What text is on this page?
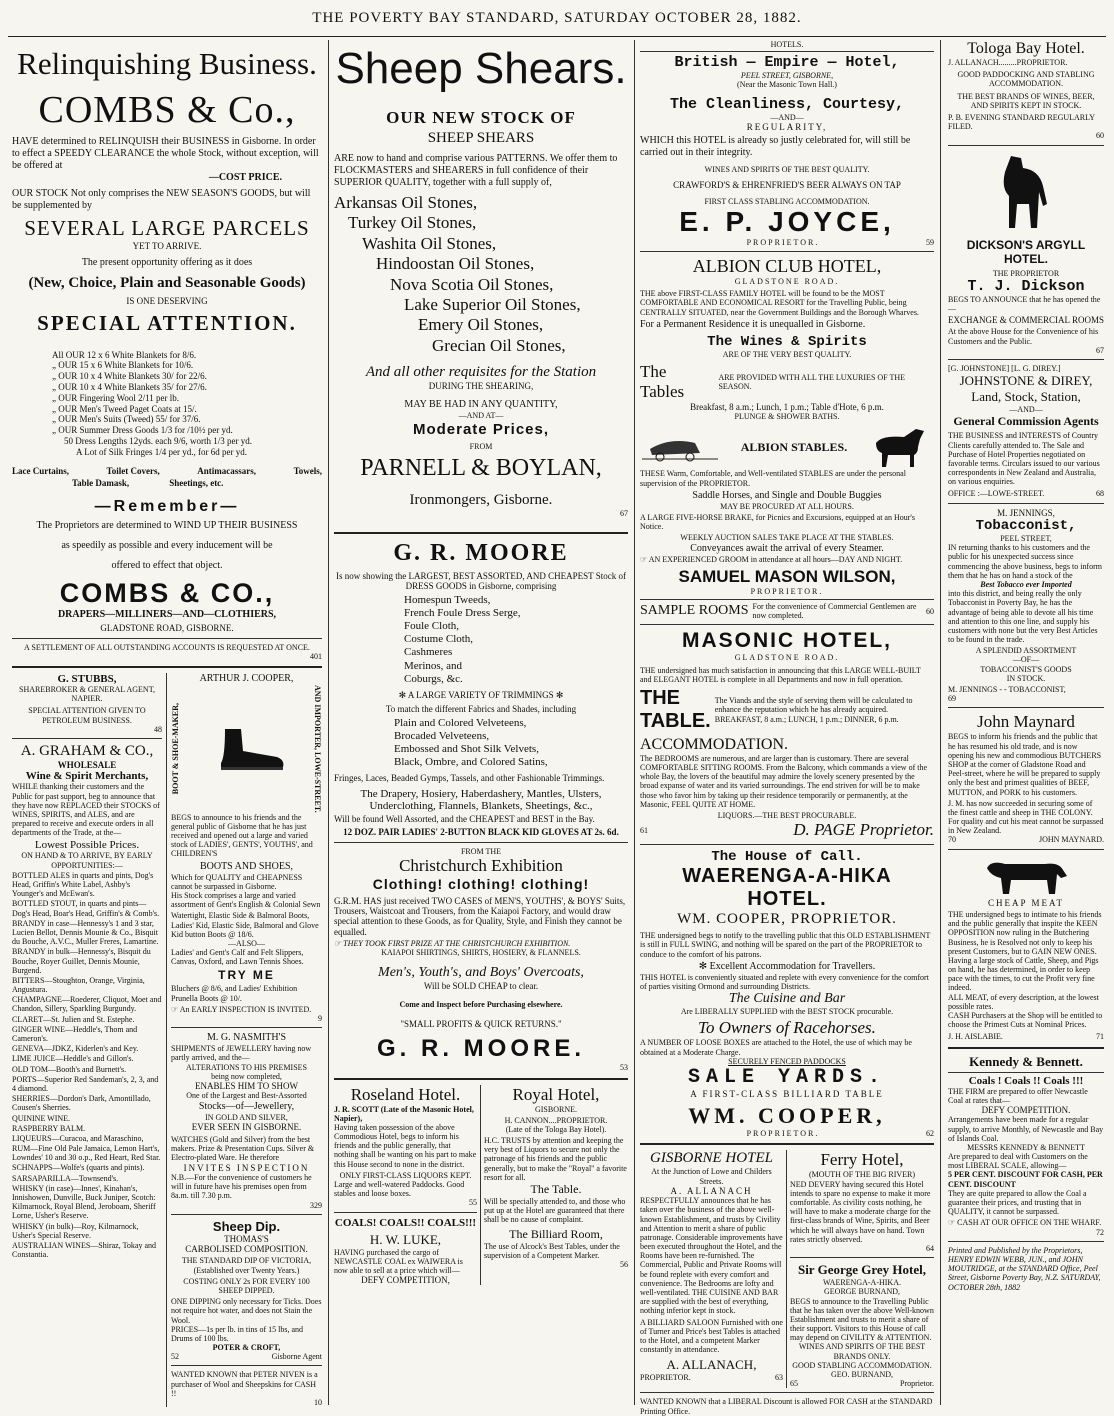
THE POVERTY BAY STANDARD, SATURDAY OCTOBER 28, 1882.
Relinquishing Business.
COMBS & Co.,
HAVE determined to RELINQUISH their BUSINESS in Gisborne. In order to effect a SPEEDY CLEARANCE the whole Stock, without exception, will be offered at
—COST PRICE.
OUR STOCK Not only comprises the NEW SEASON'S GOODS, but will be supplemented by
SEVERAL LARGE PARCELS
YET TO ARRIVE.
The present opportunity offering as it does
(New, Choice, Plain and Seasonable Goods)
IS ONE DESERVING
SPECIAL ATTENTION.

All OUR 12 x 6 White Blankets for 8/6.

„ OUR 15 x 6 White Blankets for 10/6.

„ OUR 10 x 4 White Blankets 30/ for 22/6.

„ OUR 10 x 4 White Blankets 35/ for 27/6.

„ OUR Fingering Wool 2/11 per lb.

„ OUR Men's Tweed Paget Coats at 15/.

„ OUR Men's Suits (Tweed) 55/ for 37/6.

„ OUR Summer Dress Goods 1/3 for /10½ per yd.

50 Dress Lengths 12yds. each 9/6, worth 1/3 per yd.

A Lot of Silk Fringes 1/4 per yd., for 6d per yd.

Lace Curtains,	Toilet Covers,	Antimacassars,	Towels,
Table Damask,	Sheetings, etc.
—Remember—
The Proprietors are determined to WIND UP THEIR BUSINESS
as speedily as possible and every inducement will be
offered to effect that object.
COMBS & CO.,
DRAPERS—MILLINERS—AND—CLOTHIERS,
GLADSTONE ROAD, GISBORNE.
A SETTLEMENT OF ALL OUTSTANDING ACCOUNTS IS REQUESTED AT ONCE.
401
G. STUBBS,
SHAREBROKER & GENERAL AGENT, NAPIER.
SPECIAL ATTENTION GIVEN TO PETROLEUM BUSINESS.
48
A. GRAHAM & CO.,
WHOLESALE
Wine & Spirit Merchants,
WHILE thanking their customers and the Public for past support, beg to announce that they have now REPLACED their STOCKS of WINES, SPIRITS, and ALES, and are prepared to receive and execute orders in all departments of the Trade, at the—
Lowest Possible Prices.
ON HAND & TO ARRIVE, BY EARLY OPPORTUNITIES:—

BOTTLED ALES in quarts and pints, Dog's Head, Griffin's White Label, Ashby's Younger's and McEwan's.

BOTTLED STOUT, in quarts and pints—Dog's Head, Boar's Head, Griffin's & Comb's.

BRANDY in case—Hennessy's 1 and 3 star, Lucien Bellot, Dennis Mounie & Co., Bisquit du Bouche, A.V.C., Muller Freres, Lamartine.

BRANDY in bulk—Hennessy's, Bisquit du Bouche, Royer Guillet, Dennis Mounie, Burgend.

BITTERS—Stoughton, Orange, Virginia, Angustura.

CHAMPAGNE—Roederer, Cliquot, Moet and Chandon, Sillery, Sparkling Burgundy.

CLARET—St. Julien and St. Estephe.

GINGER WINE—Heddle's, Thom and Cameron's.

GENEVA—JDKZ, Kiderlen's and Key.

LIME JUICE—Heddle's and Gillon's.

OLD TOM—Booth's and Burnett's.

PORTS—Superior Red Sandeman's, 2, 3, and 4 diamond.

SHERRIES—Dordon's Dark, Amontillado, Cousen's Sherries.

QUININE WINE.

RASPBERRY BALM.

LIQUEURS—Curacoa, and Maraschino,

RUM—Fine Old Pale Jamaica, Lemon Hart's, Lowndes' 10 and 30 o.p., Red Heart, Red Star.

SCHNAPPS—Wolfe's (quarts and pints).

SARSAPARILLA—Townsend's.

WHISKY (in case)—Innes', Kinahan's, Innishowen, Dunville, Buck Juniper, Scotch: Kilmarnock, Royal Blend, Jeroboam, Sheriff Lorne, Usher's Reserve.

WHISKY (in bulk)—Roy, Kilmarnock, Usher's Special Reserve.

AUSTRALIAN WINES—Shiraz, Tokay and Constantia.

ARTHUR J. COOPER,
BOOT & SHOE-MAKER,	AND IMPORTER, LOWE-STREET.
BEGS to announce to his friends and the general public of Gisborne that he has just received and opened out a large and varied stock of LADIES', GENTS', YOUTHS', and CHILDREN'S
BOOTS AND SHOES,
Which for QUALITY and CHEAPNESS cannot be surpassed in Gisborne.
His Stock comprises a large and varied assortment of Gent's English & Colonial Sewn
Watertight, Elastic Side & Balmoral Boots, Ladies' Kid, Elastic Side, Balmoral and Glove Kid button Boots @ 18/6.
—ALSO—
Ladies' and Gent's Calf and Felt Slippers, Canvas, Oxford, and Lawn Tennis Shoes.
TRY ME
Bluchers @ 8/6, and Ladies' Exhibition Prunella Boots @ 10/.
☞ An EARLY INSPECTION IS INVITED.
9
M. G. NASMITH'S
SHIPMENTS of JEWELLERY having now partly arrived, and the—
ALTERATIONS TO HIS PREMISES
being now completed,
ENABLES HIM TO SHOW
One of the Largest and Best-Assorted
Stocks—of—Jewellery,
IN GOLD AND SILVER,
EVER SEEN IN GISBORNE.
WATCHES (Gold and Silver) from the best makers. Prize & Presentation Cups. Silver & Electro-plated Ware. He therefore
INVITES INSPECTION
N.B.—For the convenience of customers he will in future have his premises open from 8a.m. till 7.30 p.m.
329
Sheep Dip.
THOMAS'S
CARBOLISED COMPOSITION.
THE STANDARD DIP OF VICTORIA,
(Established over Twenty Years.)
COSTING ONLY 2s FOR EVERY 100 SHEEP DIPPED.
ONE DIPPING only necessary for Ticks. Does not require hot water, and does not Stain the Wool.
PRICES—1s per lb. in tins of 15 lbs, and Drums of 100 lbs.
POTER & CROFT,
52	Gisborne Agent
WANTED KNOWN that PETER NIVEN is a purchaser of Wool and Sheepskins for CASH !!
10
Sheep Shears.
OUR NEW STOCK OF
SHEEP SHEARS
ARE now to hand and comprise various PATTERNS. We offer them to FLOCKMASTERS and SHEARERS in full confidence of their SUPERIOR QUALITY, together with a full supply of,
Arkansas Oil Stones,
Turkey Oil Stones,
Washita Oil Stones,
Hindoostan Oil Stones,
Nova Scotia Oil Stones,
Lake Superior Oil Stones,
Emery Oil Stones,
Grecian Oil Stones,
And all other requisites for the Station
DURING THE SHEARING,
MAY BE HAD IN ANY QUANTITY,
—AND AT—
Moderate Prices,
FROM
PARNELL & BOYLAN,
Ironmongers, Gisborne.
67
G. R. MOORE
Is now showing the LARGEST, BEST ASSORTED, AND CHEAPEST Stock of DRESS GOODS in Gisborne, comprising
Homespun Tweeds,
French Foule Dress Serge,
Foule Cloth,
Costume Cloth,
Cashmeres
Merinos, and
Coburgs, &c.
✻ A LARGE VARIETY OF TRIMMINGS ✻
To match the different Fabrics and Shades, including
Plain and Colored Velveteens,
Brocaded Velveteens,
Embossed and Shot Silk Velvets,
Black, Ombre, and Colored Satins,
Fringes, Laces, Beaded Gymps, Tassels, and other Fashionable Trimmings.
The Drapery, Hosiery, Haberdashery, Mantles, Ulsters, Underclothing, Flannels, Blankets, Sheetings, &c.,
Will be found Well Assorted, and the CHEAPEST and BEST in the Bay.
12 DOZ. PAIR LADIES' 2-BUTTON BLACK KID GLOVES AT 2s. 6d.
FROM THE
Christchurch Exhibition
Clothing! clothing! clothing!
G.R.M. HAS just received TWO CASES of MEN'S, YOUTHS', & BOYS' Suits, Trousers, Waistcoat and Trousers, from the Kaiapoi Factory, and would draw special attention to these Goods, as for Quality, Style, and Finish they cannot be equalled.
☞ THEY TOOK FIRST PRIZE AT THE CHRISTCHURCH EXHIBITION.
KAIAPOI SHIRTINGS, SHIRTS, HOSIERY, & FLANNELS.
Men's, Youth's, and Boys' Overcoats,
Will be SOLD CHEAP to clear.
Come and Inspect before Purchasing elsewhere.
"SMALL PROFITS & QUICK RETURNS."
G. R. MOORE.
53
Roseland Hotel.
J. R. SCOTT (Late of the Masonic Hotel, Napier),
Having taken possession of the above Commodious Hotel, begs to inform his friends and the public generally, that nothing shall be wanting on his part to make this House second to none in the district.
ONLY FIRST-CLASS LIQUORS KEPT.
Large and well-watered Paddocks. Good stables and loose boxes.
55
COALS! COALS!! COALS!!!
H. W. LUKE,
HAVING purchased the cargo of NEWCASTLE COAL ex WAIWERA is now able to sell at a price which will—
DEFY COMPETITION,
Royal Hotel,
GISBORNE.
H. CANNON....PROPRIETOR.
(Late of the Tologa Bay Hotel).
H.C. TRUSTS by attention and keeping the very best of Liquors to secure not only the patronage of his friends and the public generally, but to make the "Royal" a favorite resort for all.
The Table.
Will be specially attended to, and those who put up at the Hotel are guaranteed that there shall be no cause of complaint.
The Billiard Room,
The use of Alcock's Best Tables, under the supervision of a Competent Marker.
56
HOTELS.
British — Empire — Hotel,
PEEL STREET, GISBORNE,
(Near the Masonic Town Hall.)
The Cleanliness, Courtesy,
—AND—
REGULARITY,
WHICH this HOTEL is already so justly celebrated for, will still be carried out in their integrity.
WINES AND SPIRITS OF THE BEST QUALITY.
CRAWFORD'S & EHRENFRIED'S BEER ALWAYS ON TAP
FIRST CLASS STABLING ACCOMMODATION.
E. P. JOYCE,
PROPRIETOR.	59
ALBION CLUB HOTEL,
GLADSTONE ROAD.
THE above FIRST-CLASS FAMILY HOTEL will be found to be the MOST COMFORTABLE AND ECONOMICAL RESORT for the Travelling Public, being CENTRALLY SITUATED, near the Government Buildings and the Borough Wharves.
For a Permanent Residence it is unequalled in Gisborne.
The Wines & Spirits
ARE OF THE VERY BEST QUALITY.
The Tables
ARE PROVIDED WITH ALL THE LUXURIES OF THE SEASON.
Breakfast, 8 a.m.; Lunch, 1 p.m.; Table d'Hote, 6 p.m.
PLUNGE & SHOWER BATHS.
ALBION STABLES.
THESE Warm, Comfortable, and Well-ventilated STABLES are under the personal supervision of the PROPRIETOR.
Saddle Horses, and Single and Double Buggies
MAY BE PROCURED AT ALL HOURS.
A LARGE FIVE-HORSE BRAKE, for Picnics and Excursions, equipped at an Hour's Notice.
WEEKLY AUCTION SALES TAKE PLACE AT THE STABLES.
Conveyances await the arrival of every Steamer.
☞ AN EXPERIENCED GROOM in attendance at all hours—DAY AND NIGHT.
SAMUEL MASON WILSON,
PROPRIETOR.
SAMPLE ROOMS For the convenience of Commercial Gentlemen are now completed.
60
MASONIC HOTEL,
GLADSTONE ROAD.
THE undersigned has much satisfaction in announcing that this LARGE WELL-BUILT and ELEGANT HOTEL is complete in all Departments and now in full operation.
THE TABLE.
The Viands and the style of serving them will be calculated to enhance the reputation which he has already acquired. BREAKFAST, 8 a.m.; LUNCH, 1 p.m.; DINNER, 6 p.m.
ACCOMMODATION.
The BEDROOMS are numerous, and are larger than is customary. There are several COMFORTABLE SITTING ROOMS. From the Balcony, which commands a view of the whole Bay, the lovers of the beautiful may admire the lovely scenery presented by the broad expanse of water and its varied surroundings. The end striven for will be to make those who favor him by taking up their residence temporarily or permanently, at the Masonic, FEEL QUITE AT HOME.
LIQUORS.—THE BEST PROCURABLE.
61	D. PAGE Proprietor.
The House of Call.
WAERENGA-A-HIKA HOTEL.
WM. COOPER, PROPRIETOR.
THE undersigned begs to notify to the travelling public that this OLD ESTABLISHMENT is still in FULL SWING, and nothing will be spared on the part of the PROPRIETOR to conduce to the comfort of his patrons.
✻ Excellent Accommodation for Travellers.
THIS HOTEL is conveniently situated and replete with every convenience for the comfort of parties visiting Ormond and surrounding Districts.
The Cuisine and Bar
Are LIBERALLY SUPPLIED with the BEST STOCK procurable.
To Owners of Racehorses.
A NUMBER OF LOOSE BOXES are attached to the Hotel, the use of which may be obtained at a Moderate Charge.
SECURELY FENCED PADDOCKS
SALE YARDS.
A FIRST-CLASS BILLIARD TABLE
WM. COOPER,
PROPRIETOR.	62
GISBORNE HOTEL
At the Junction of Lowe and Childers Streets.
A. ALLANACH
RESPECTFULLY announces that he has taken over the business of the above well-known Establishment, and trusts by Civility and Attention to merit a share of public patronage. Considerable improvements have been executed throughout the Hotel, and the Rooms have been re-furnished. The Commercial, Public and Private Rooms will be found replete with every comfort and convenience. The Bedrooms are lofty and well-ventilated. THE CUISINE AND BAR are supplied with the best of everything, nothing inferior kept in stock.
A BILLIARD SALOON Furnished with one of Turner and Price's best Tables is attached to the Hotel, and a competent Marker constantly in attendance.
A. ALLANACH,
PROPRIETOR.	63
Ferry Hotel,
(MOUTH OF THE BIG RIVER)
NED DEVERY having secured this Hotel intends to spare no expense to make it more comfortable. As civility costs nothing, he will have to make a moderate charge for the first-class brands of Wine, Spirits, and Beer which he will always have on hand. Town rates strictly observed.
64
Sir George Grey Hotel,
WAERENGA-A-HIKA.
GEORGE BURNAND,
BEGS to announce to the Travelling Public that he has taken over the above Well-known Establishment and trusts to merit a share of their support. Visitors to this House of call may depend on CIVILITY & ATTENTION.
WINES AND SPIRITS OF THE BEST BRANDS ONLY.
GOOD STABLING ACCOMMODATION.
GEO. BURNAND,
65	Proprietor.
WANTED KNOWN that a LIBERAL Discount is allowed FOR CASH at the STANDARD Printing Office.
Tologa Bay Hotel.
J. ALLANACH.........PROPRIETOR.
GOOD PADDOCKING AND STABLING ACCOMMODATION.
THE BEST BRANDS OF WINES, BEER, AND SPIRITS KEPT IN STOCK.
P. B. EVENING STANDARD REGULARLY FILED.
60
DICKSON'S ARGYLL HOTEL.
THE PROPRIETOR
T. J. Dickson
BEGS TO ANNOUNCE that he has opened the—
EXCHANGE & COMMERCIAL ROOMS
At the above House for the Convenience of his Customers and the Public.
67
[G. JOHNSTONE] [L. G. DIREY.]
JOHNSTONE & DIREY,
Land, Stock, Station,
—AND—
General Commission Agents
THE BUSINESS and INTERESTS of Country Clients carefully attended to. The Sale and Purchase of Hotel Properties negotiated on favorable terms. Circulars issued to our various correspondents in New Zealand and Australia, on various enquiries.
OFFICE :—LOWE-STREET.	68
M. JENNINGS,
Tobacconist,
PEEL STREET,
IN returning thanks to his customers and the public for his unexpected success since commencing the above business, begs to inform them that he has on hand a stock of the
Best Tobacco ever Imported
into this district, and being really the only Tobacconist in Poverty Bay, he has the advantage of being able to devote all his time and attention to this one line, and supply his customers with none but the very Best Articles to be found in the trade.
A SPLENDID ASSORTMENT
—OF—
TOBACCONIST'S GOODS
IN STOCK.
M. JENNINGS - - TOBACCONIST,
69
John Maynard
BEGS to inform his friends and the public that he has resumed his old trade, and is now opening his new and commodious BUTCHERS SHOP at the corner of Gladstone Road and Peel-street, where he will be prepared to supply only the best and primest qualities of BEEF, MUTTON, and PORK to his customers.
J. M. has now succeeded in securing some of the finest cattle and sheep in THE COLONY. For quality and cut his meat cannot be surpassed in New Zealand.
70	JOHN MAYNARD.
CHEAP MEAT
THE undersigned begs to intimate to his friends and the public generally that inspite the KEEN OPPOSITION now ruling in the Butchering Business, he is Resolved not only to keep his present Customers, but to GAIN NEW ONES. Having a large stock of Cattle, Sheep, and Pigs on hand, he has determined, in order to keep pace with the times, to cut the Profit very fine indeed.
ALL MEAT, of every description, at the lowest possible rates.
CASH Purchasers at the Shop will be entitled to choose the Primest Cuts at Nominal Prices.
J. H. AISLABIE.	71
Kennedy & Bennett.
Coals ! Coals !! Coals !!!
THE FIRM are prepared to offer Newcastle Coal at rates that—
DEFY COMPETITION.
Arrangements have been made for a regular supply, to arrive Monthly, of Newcastle and Bay of Islands Coal.
MESSRS KENNEDY & BENNETT
Are prepared to deal with Customers on the most LIBERAL SCALE, allowing—
5 PER CENT. DISCOUNT FOR CASH, PER CENT. DISCOUNT
They are quite prepared to allow the Coal a guarantee their prices, and trusting that in QUALITY, it cannot be surpassed.
☞ CASH AT OUR OFFICE ON THE WHARF.
72
Printed and Published by the Proprietors, HENRY EDWIN WEBB, JUN., and JOHN MOUTRIDGE, at the STANDARD Office, Peel Street, Gisborne Poverty Bay, N.Z. SATURDAY, OCTOBER 28th, 1882
